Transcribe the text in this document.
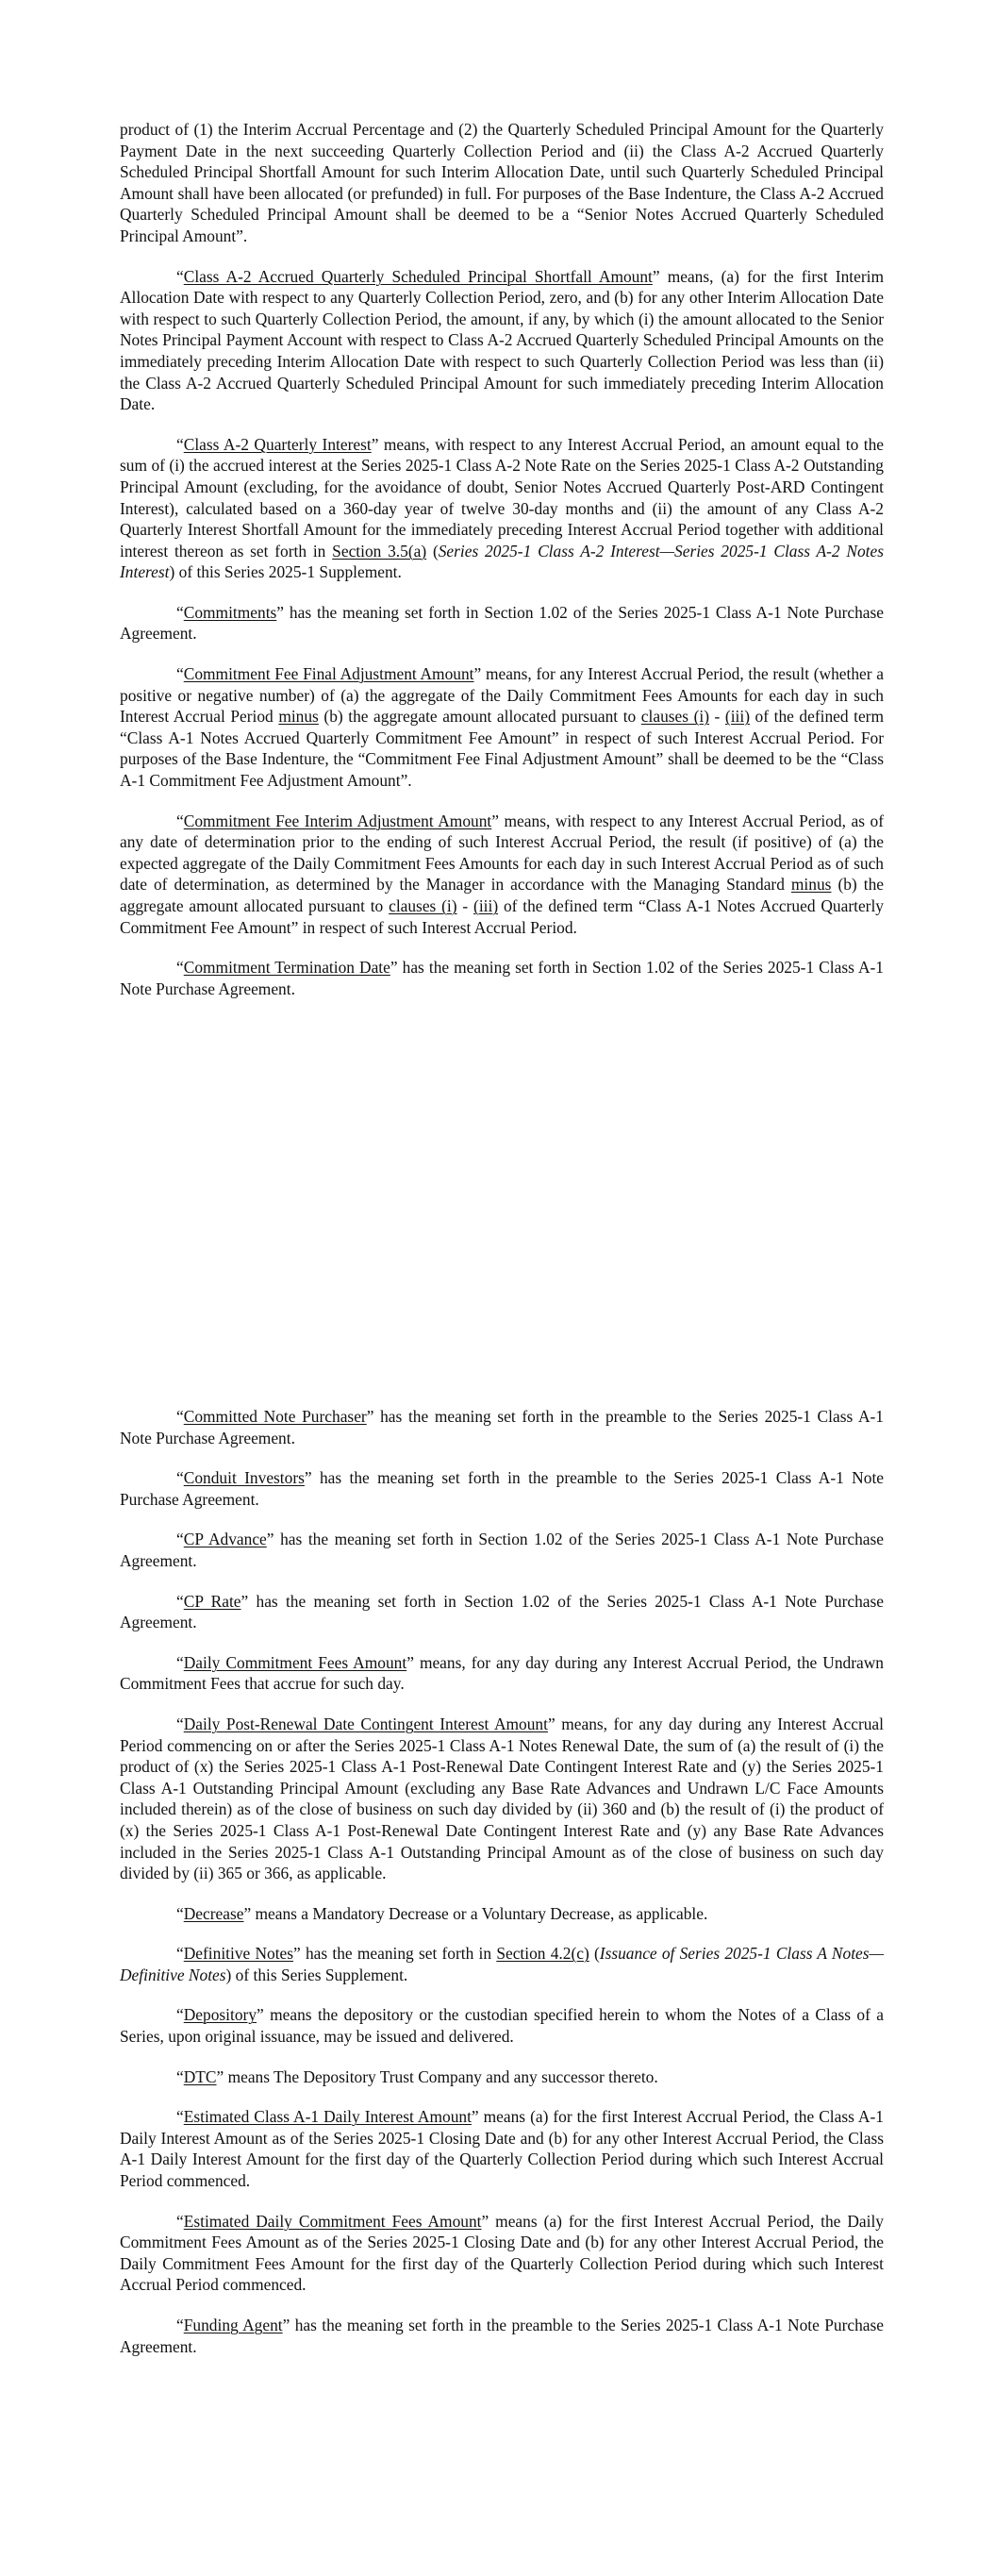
product of (1) the Interim Accrual Percentage and (2) the Quarterly Scheduled Principal Amount for the Quarterly Payment Date in the next succeeding Quarterly Collection Period and (ii) the Class A-2 Accrued Quarterly Scheduled Principal Shortfall Amount for such Interim Allocation Date, until such Quarterly Scheduled Principal Amount shall have been allocated (or prefunded) in full. For purposes of the Base Indenture, the Class A-2 Accrued Quarterly Scheduled Principal Amount shall be deemed to be a “Senior Notes Accrued Quarterly Scheduled Principal Amount”.

“Class A-2 Accrued Quarterly Scheduled Principal Shortfall Amount” means, (a) for the first Interim Allocation Date with respect to any Quarterly Collection Period, zero, and (b) for any other Interim Allocation Date with respect to such Quarterly Collection Period, the amount, if any, by which (i) the amount allocated to the Senior Notes Principal Payment Account with respect to Class A-2 Accrued Quarterly Scheduled Principal Amounts on the immediately preceding Interim Allocation Date with respect to such Quarterly Collection Period was less than (ii) the Class A-2 Accrued Quarterly Scheduled Principal Amount for such immediately preceding Interim Allocation Date.

“Class A-2 Quarterly Interest” means, with respect to any Interest Accrual Period, an amount equal to the sum of (i) the accrued interest at the Series 2025-1 Class A-2 Note Rate on the Series 2025-1 Class A-2 Outstanding Principal Amount (excluding, for the avoidance of doubt, Senior Notes Accrued Quarterly Post-ARD Contingent Interest), calculated based on a 360-day year of twelve 30-day months and (ii) the amount of any Class A-2 Quarterly Interest Shortfall Amount for the immediately preceding Interest Accrual Period together with additional interest thereon as set forth in Section 3.5(a) (Series 2025-1 Class A-2 Interest—Series 2025-1 Class A-2 Notes Interest) of this Series 2025-1 Supplement.

“Commitments” has the meaning set forth in Section 1.02 of the Series 2025-1 Class A-1 Note Purchase Agreement.

“Commitment Fee Final Adjustment Amount” means, for any Interest Accrual Period, the result (whether a positive or negative number) of (a) the aggregate of the Daily Commitment Fees Amounts for each day in such Interest Accrual Period minus (b) the aggregate amount allocated pursuant to clauses (i) - (iii) of the defined term “Class A-1 Notes Accrued Quarterly Commitment Fee Amount” in respect of such Interest Accrual Period. For purposes of the Base Indenture, the “Commitment Fee Final Adjustment Amount” shall be deemed to be the “Class A-1 Commitment Fee Adjustment Amount”.

“Commitment Fee Interim Adjustment Amount” means, with respect to any Interest Accrual Period, as of any date of determination prior to the ending of such Interest Accrual Period, the result (if positive) of (a) the expected aggregate of the Daily Commitment Fees Amounts for each day in such Interest Accrual Period as of such date of determination, as determined by the Manager in accordance with the Managing Standard minus (b) the aggregate amount allocated pursuant to clauses (i) - (iii) of the defined term “Class A-1 Notes Accrued Quarterly Commitment Fee Amount” in respect of such Interest Accrual Period.

“Commitment Termination Date” has the meaning set forth in Section 1.02 of the Series 2025-1 Class A-1 Note Purchase Agreement.

“Committed Note Purchaser” has the meaning set forth in the preamble to the Series 2025-1 Class A-1 Note Purchase Agreement.

“Conduit Investors” has the meaning set forth in the preamble to the Series 2025-1 Class A-1 Note Purchase Agreement.

“CP Advance” has the meaning set forth in Section 1.02 of the Series 2025-1 Class A-1 Note Purchase Agreement.

“CP Rate” has the meaning set forth in Section 1.02 of the Series 2025-1 Class A-1 Note Purchase Agreement.

“Daily Commitment Fees Amount” means, for any day during any Interest Accrual Period, the Undrawn Commitment Fees that accrue for such day.

“Daily Post-Renewal Date Contingent Interest Amount” means, for any day during any Interest Accrual Period commencing on or after the Series 2025-1 Class A-1 Notes Renewal Date, the sum of (a) the result of (i) the product of (x) the Series 2025-1 Class A-1 Post-Renewal Date Contingent Interest Rate and (y) the Series 2025-1 Class A-1 Outstanding Principal Amount (excluding any Base Rate Advances and Undrawn L/C Face Amounts included therein) as of the close of business on such day divided by (ii) 360 and (b) the result of (i) the product of (x) the Series 2025-1 Class A-1 Post-Renewal Date Contingent Interest Rate and (y) any Base Rate Advances included in the Series 2025-1 Class A-1 Outstanding Principal Amount as of the close of business on such day divided by (ii) 365 or 366, as applicable.

“Decrease” means a Mandatory Decrease or a Voluntary Decrease, as applicable.

“Definitive Notes” has the meaning set forth in Section 4.2(c) (Issuance of Series 2025-1 Class A Notes—Definitive Notes) of this Series Supplement.

“Depository” means the depository or the custodian specified herein to whom the Notes of a Class of a Series, upon original issuance, may be issued and delivered.

“DTC” means The Depository Trust Company and any successor thereto.

“Estimated Class A-1 Daily Interest Amount” means (a) for the first Interest Accrual Period, the Class A-1 Daily Interest Amount as of the Series 2025-1 Closing Date and (b) for any other Interest Accrual Period, the Class A-1 Daily Interest Amount for the first day of the Quarterly Collection Period during which such Interest Accrual Period commenced.

“Estimated Daily Commitment Fees Amount” means (a) for the first Interest Accrual Period, the Daily Commitment Fees Amount as of the Series 2025-1 Closing Date and (b) for any other Interest Accrual Period, the Daily Commitment Fees Amount for the first day of the Quarterly Collection Period during which such Interest Accrual Period commenced.

“Funding Agent” has the meaning set forth in the preamble to the Series 2025-1 Class A-1 Note Purchase Agreement.
